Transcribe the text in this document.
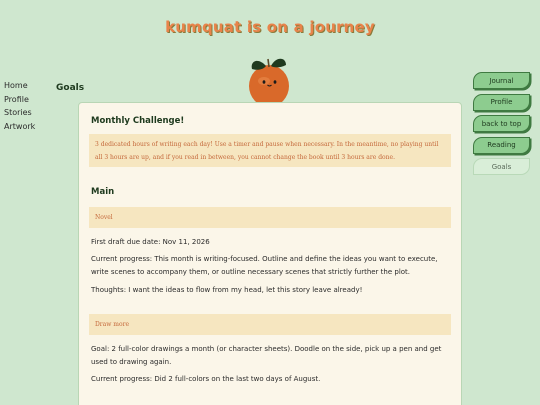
kumquat is on a journey
Home
Profile
Stories
Artwork
Goals
Journal
Profile
back to top
Reading
Goals
Monthly Challenge!
3 dedicated hours of writing each day! Use a timer and pause when necessary. In the meantime, no playing until all 3 hours are up, and if you read in between, you cannot change the book until 3 hours are done.
Main
Novel

First draft due date: Nov 11, 2026

Current progress: This month is writing-focused. Outline and define the ideas you want to execute, write scenes to accompany them, or outline necessary scenes that strictly further the plot.

Thoughts: I want the ideas to flow from my head, let this story leave already!

Draw more

Goal: 2 full-color drawings a month (or character sheets). Doodle on the side, pick up a pen and get used to drawing again.

Current progress: Did 2 full-colors on the last two days of August.
